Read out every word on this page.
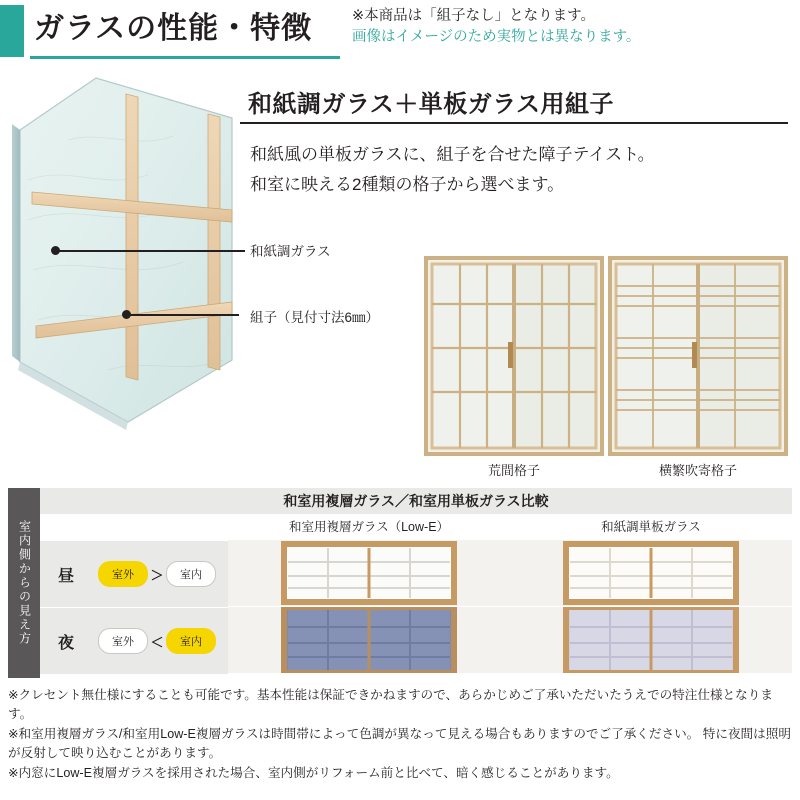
ガラスの性能・特徴	※本商品は「組子なし」となります。
画像はイメージのため実物とは異なります。
和紙調ガラス＋単板ガラス用組子
和紙風の単板ガラスに、組子を合せた障子テイスト。
和室に映える2種類の格子から選べます。
和紙調ガラス
組子（見付寸法6㎜）
荒間格子	横繁吹寄格子
室内側からの見え方
和室用複層ガラス／和室用単板ガラス比較
和室用複層ガラス（Low-E）	和紙調単板ガラス
昼	室外	＞	室内
夜	室外	＜	室内

※クレセント無仕様にすることも可能です。基本性能は保証できかねますので、あらかじめご了承いただいたうえでの特注仕様となります。

※和室用複層ガラス/和室用Low-E複層ガラスは時間帯によって色調が異なって見える場合もありますのでご了承ください。 特に夜間は照明が反射して映り込むことがあります。

※内窓にLow-E複層ガラスを採用された場合、室内側がリフォーム前と比べて、暗く感じることがあります。
